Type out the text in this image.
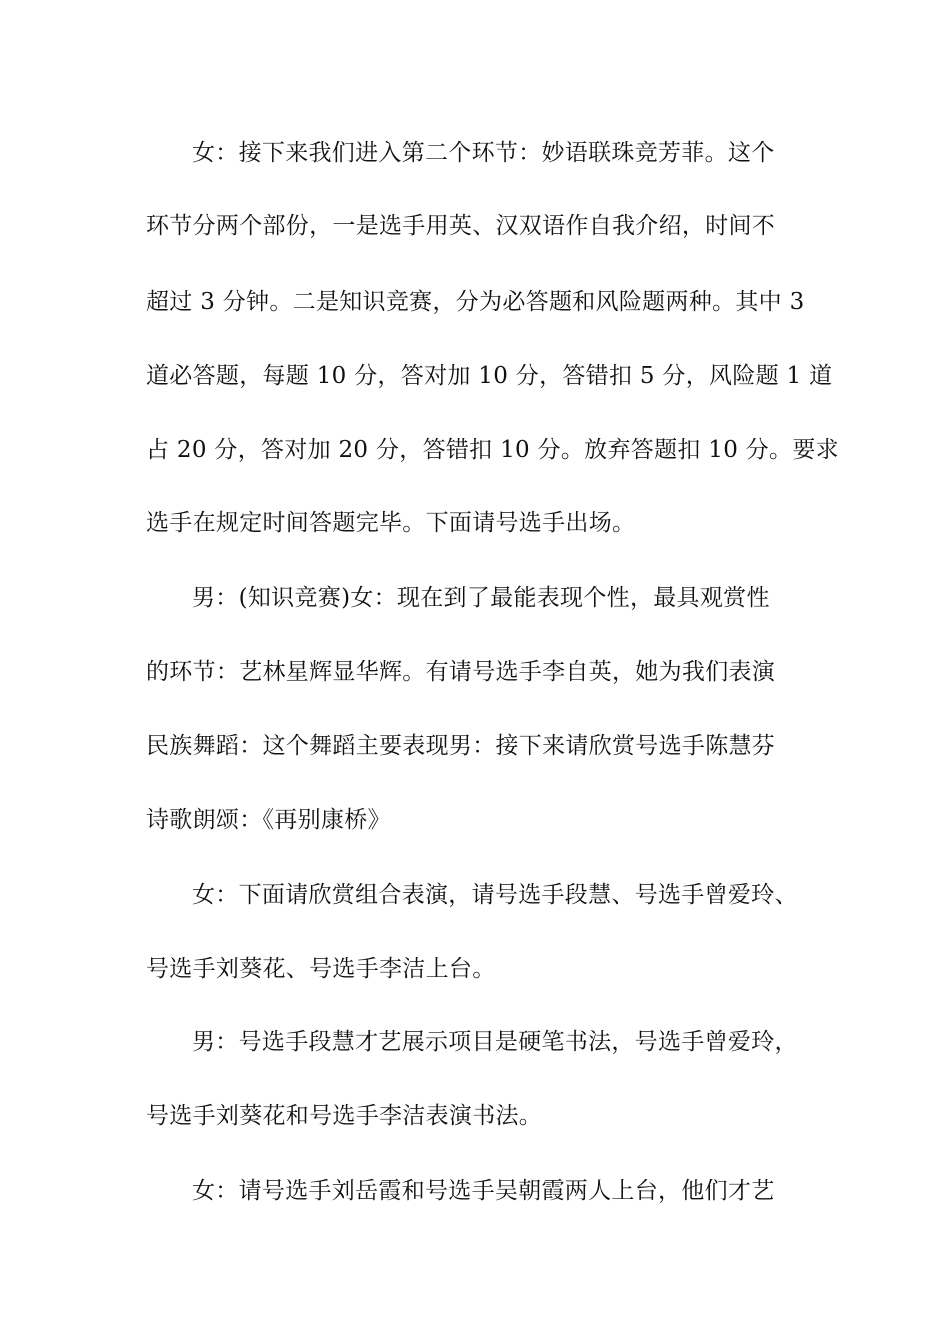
女：接下来我们进入第二个环节：妙语联珠竞芳菲。这个
环节分两个部份，一是选手用英、汉双语作自我介绍，时间不
超过 3 分钟。二是知识竞赛，分为必答题和风险题两种。其中 3
道必答题，每题 10 分，答对加 10 分，答错扣 5 分，风险题 1 道
占 20 分，答对加 20 分，答错扣 10 分。放弃答题扣 10 分。要求
选手在规定时间答题完毕。下面请号选手出场。
男：(知识竞赛)女：现在到了最能表现个性，最具观赏性
的环节：艺林星辉显华辉。有请号选手李自英，她为我们表演
民族舞蹈：这个舞蹈主要表现男：接下来请欣赏号选手陈慧芬
诗歌朗颂：《再别康桥》
女：下面请欣赏组合表演，请号选手段慧、号选手曾爱玲、
号选手刘葵花、号选手李洁上台。
男：号选手段慧才艺展示项目是硬笔书法，号选手曾爱玲，
号选手刘葵花和号选手李洁表演书法。
女：请号选手刘岳霞和号选手吴朝霞两人上台，他们才艺
